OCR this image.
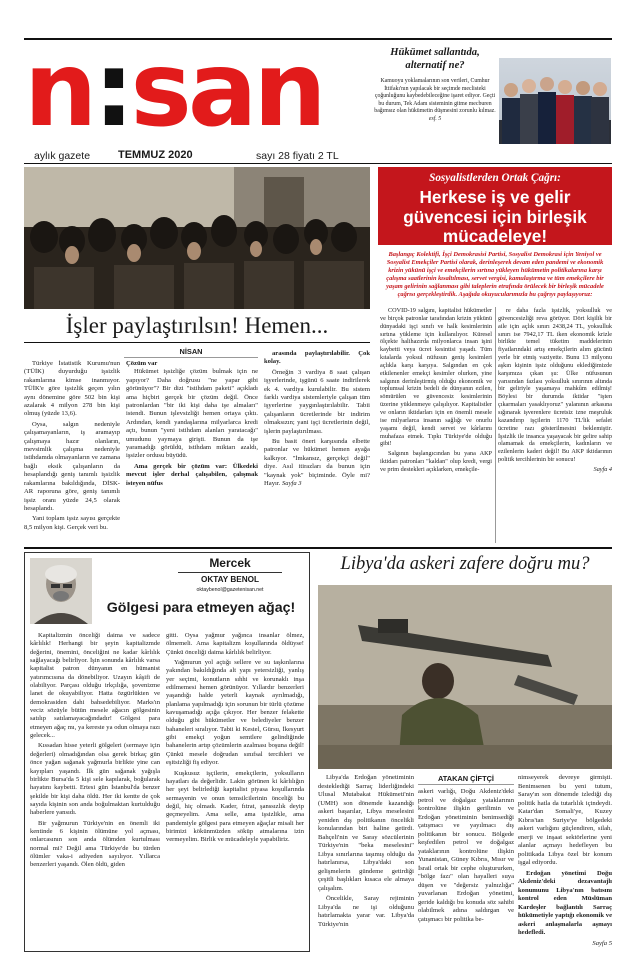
n:san
aylık gazete	TEMMUZ 2020	sayı 28 fiyatı 2 TL
Hükümet sallantıda, alternatif ne?
Kamuoyu yoklamalarının son verileri, Cumhur İttifakı'nın yapılacak bir seçimde meclisteki çoğunluğunu kaybedebileceğine işaret ediyor. Geçti bu durum, Tek Adam sisteminin gitme mecburen bağımsız olan hükümetin düşmesini zorunlu kılmaz. esf. 5
Sosyalistlerden Ortak Çağrı:
Herkese iş ve gelir güvencesi için birleşik mücadeleye!
Başlangıç Kolektifi, İşçi Demokrasisi Partisi, Sosyalist Demokrasi için Yeniyol ve Sosyalist Emekçiler Partisi olarak, derinleşerek devam eden pandemi ve ekonomik krizin yükünü işçi ve emekçilerin sırtına yükleyen hükümetin politikalarına karşı çalışma saatlerinin kısaltılması, servet vergisi, kamulaştırma ve tüm emekçilere bir yaşam gelirinin sağlanması gibi taleplerin etrafında örülecek bir birleşik mücadele çağrısı gerçekleştirdik. Aşağıda okuyucularımızla bu çağrıyı paylaşıyoruz:

COVID-19 salgını, kapitalist hükümetler ve birçok patronlar tarafından krizin yükünü dünyadaki işçi sınıfı ve halk kesimlerinin sırtına yükleme için kullanılıyor. Küresel ölçekte halihazırda milyonlarca insan işini kaybetti veya ücret kesintisi yaşadı. Tüm kıtalarda yoksul nüfusun geniş kesimleri açlıkla karşı karşıya. Salgından en çok etkilenenler emekçi kesimler olurken, yine salgının derinleştirmiş olduğu ekonomik ve toplumsal krizin bedeli de dünyanın ezilen, sömürülen ve güvencesiz kesimlerinin üzerine yüklenmeye çalışılıyor. Kapitalistler ve onların iktidarları için en önemli mesele ise milyarlarca insanın sağlığı ve onurlu yaşamı değil, kendi servet ve kârlarını muhafaza etmek. Tıpkı Türkiye'de olduğu gibi!

Salgının başlangıcından bu yana AKP iktidarı patronları "kaldan" olup kredi, vergi ve prim destekleri açıklarken, emekçile-

re daha fazla işsizlik, yoksulluk ve güvencesizliği reva görüyor. Dört kişilik bir aile için açlık sınırı 2438,24 TL, yoksulluk sınırı ise 7942,17 TL iken ekonomik krizle birlikte temel tüketim maddelerinin fiyatlarındaki artış emekçilerin alım gücünü yerle bir etmiş vaziyette. Bunu 13 milyonu aşkın kişinin işsiz olduğunu eklediğimizde karşımıza çıkan şu: Ülke nüfusunun yarısından fazlası yoksulluk sınırının altında bir geliriyle yaşamaya mahkûm edilmiş! Böylesi bir durumda iktidar "işten çıkarmaları yasaklıyoruz" yalanının arkasına sığınarak işverenlere ücretsiz izne meşruluk kazandırıp işçilerin 1170 TL'lik sefalet ücretine razı gösterilmesini beklemiştir. İşsizlik ile insanca yaşayacak bir gelire sahip olamamak da emekçilerin, kadınların ve ezilenlerin kaderi değil! Bu AKP iktidarının politik tercihlerinin bir sonucu!

Sayfa 4
İşler paylaştırılsın! Hemen...
NİSAN

Türkiye İstatistik Kurumu'nun (TÜİK) duyurduğu işsizlik rakamlarına kimse inanmıyor. TÜİK'e göre işsizlik geçen yılın aynı dönemine göre 502 bin kişi azalarak 4 milyon 278 bin kişi olmuş (yüzde 13,6).

Oysa, salgın nedeniyle çalışamayanların, iş aramayıp çalışmaya hazır olanların, mevsimlik çalışma nedeniyle istihdamda olmayanların ve zamana bağlı eksik çalışanların da hesaplandığı geniş tanımlı işsizlik rakamlarına bakıldığında, DİSK-AR raporuna göre, geniş tanımlı işsiz oranı yüzde 24,5 olarak hesaplandı.

Yani toplam işsiz sayısı gerçekte 8,5 milyon kişi. Gerçek veri bu.

Çözüm var

Hükümet işsizliğe çözüm bulmak için ne yapıyor? Daha doğrusu "ne yapar gibi görünüyor"? Bir dizi "istihdam paketi" açıkladı ama hiçbiri gerçek bir çözüm değil. Önce patronlardan "bir iki kişi daha işe almaları" istendi. Bunun işlevsizliği hemen ortaya çıktı. Ardından, kendi yandaşlarına milyarlarca kredi açtı, bunun "yeni istihdam alanları yaratacağı" umudunu yaymaya girişti. Bunun da işe yaramadığı görüldü, istihdam miktarı azaldı, işsizler ordusu büyüdü.

Ama gerçek bir çözüm var: Ülkedeki mevcut işler derhal çalışabilen, çalışmak isteyen nüfus

arasında paylaştırılabilir. Çok kolay.

Örneğin 3 vardiya 8 saat çalışan işyerlerinde, işgünü 6 saate indirilerek ek 4. vardiya kurulabilir. Bu sistem farklı vardiya sistemleriyle çalışan tüm işyerlerine yaygınlaştırılabilir. Tabii çalışanların ücretlerinde bir indirim olmaksızın; yani işçi ücretlerinin değil, işlerin paylaştırılması.

Bu basit öneri karşısında elbette patronlar ve hükümet hemen ayağa kalkıyor. "İmkansız, gerçekçi değil" diye. Asıl itirazları da bunun için "kaynak yok" biçiminde. Öyle mi? Hayır. Sayfa 3

Mercek
OKTAY BENOL
oktaybenol@gazetenisan.net
Gölgesi para etmeyen ağaç!

Kapitalizmin önceliği daima ve sadece kârlılık! Herhangi bir şeyin kapitalizmde değerini, önemini, önceliğini ne kadar kârlılık sağlayacağı belirliyor. İşin sonunda kârlılık varsa kapitalist patron dünyanın en hümanist yatırımcısına da dönebiliyor. Uzayın kâşifi de olabiliyor. Parçası olduğu irkçılığa, şovenizme lanet de okuyabiliyor. Hatta özgürlükten ve demokrasiden dahi bahsedebiliyor. Marks'ın veciz sözüyle bütün mesele ağacın gölgesinin satılıp satılamayacağındadır! Gölgesi para etmeyen ağaç mı, ya kereste ya odun olmaya razı gelecek...

Kıssadan hisse yeterli gölgeleri (sermaye için değerleri) olmadığından olsa gerek birkaç gün önce yağan sağanak yağmurla birlikte yine can kayıpları yaşandı. İlk gün sağanak yağışla birlikte Bursa'da 5 kişi sele kapılarak, boğularak hayatını kaybetti. Ertesi gün İstanbul'da benzer şekilde bir kişi daha öldü. Her iki kentte de çok sayıda kişinin son anda boğulmaktan kurtulduğu haberlere yansıdı.

Bir yağmurun Türkiye'nin en önemli iki kentinde 6 kişinin ölümüne yol açması, onlarcasının son anda ölümden kurtulması normal mi? Değil ama Türkiye'de bu türden ölümler vaka-i adiyeden sayılıyor. Yıllarca benzerleri yaşandı. Ölen öldü, giden

gitti. Oysa yağmur yağınca insanlar ölmez, ölmemeli. Ama kapitalizm koşullarında öldüyse! Çünkü önceliği daima kârlılık belirliyor.

Yağmurun yol açtığı sellere ve su taşkınlarına yakından bakıldığında alt yapı yetersizliği, yanlış yer seçimi, konutların sıhhi ve korunaklı inşa edilmemesi hemen görünüyor. Yıllardır benzerleri yaşandığı halde yeterli kaynak ayrılmadığı, planlama yapılmadığı için sorunun bir türlü çözüme kavuşamadığı açığa çıkıyor. Her benzer felakette olduğu gibi hükümetler ve belediyeler benzer bahaneleri sıralıyor. Tabii ki Kestel, Gürsu, İkesyurt gibi emekçi yoğun semtlere gelindiğinde bahanelerin artıp çözümlerin azalması boşuna değil! Çünkü mesele doğrudan sınıfsal tercihleri ve eşitsizliği fiş ediyor.

Kuşkusuz işçilerin, emekçilerin, yoksulların hayatları da değerlidir. Lakin görünen ki kârlılığın her şeyi belirlediği kapitalist piyasa koşullarında sermayenin ve onun temsilcilerinin önceliği bu değil, hiç olmadı. Kader, fıtrat, şanssızlık deyip geçmeyelim. Ama selle, ama işsizlikle, ama pandemiyle gölgesi para etmeyen ağaçlar misali her birimizi kökünmüzden söküp atmalarına izin vermeyelim. Birlik ve mücadeleyle yapabiliriz.

Libya'da askeri zafere doğru mu?

Libya'da Erdoğan yönetiminin desteklediği Sarraç liderliğindeki Ulusal Mutabakat Hükümeti'nin (UMH) son dönemde kazandığı askeri başarılar, Libya meselesini yeniden dış politikanın öncelikli konularından biri haline getirdi. Bahçeli'nin ve Saray sözcülerinin Türkiye'nin "beka meselesini" Libya sınırlarına taşımış olduğu da hatırlanırsa, Libya'daki son gelişmelerin gündeme getirdiği çeşitli başlıkları kısaca ele almaya çalışalım.

Öncelikle, Saray rejiminin Libya'da ne işi olduğunu hatırlamakta yarar var. Libya'da Türkiye'nin

ATAKAN ÇİFTÇİ

askeri varlığı, Doğu Akdeniz'deki petrol ve doğalgaz yataklarının kontrolüne ilişkin gerilimin ve Erdoğan yönetiminin benimsediği çatışmacı ve yayılmacı dış politikanın bir sonucu. Bölgede keşfedilen petrol ve doğalgaz yataklarının kontrolüne ilişkin Yunanistan, Güney Kıbrıs, Mısır ve İsrail ortak bir cephe oluştururken, "bölge fazı" olan hayalleri suya düşen ve "değersiz yalnızlığa" yuvarlanan Erdoğan yönetimi, geride kaldığı bu konuda söz sahibi olabilmek adına saldırgan ve çatışmacı bir politika be-

nimseyerek devreye girmişti. Benimsenen bu yeni tutum, Saray'ın son dönemde izlediği dış politik hatla da tutarlılık içindeydi. Katar'dan Somali'ye, Kuzey Kıbrıs'tan Suriye'ye bölgedeki askeri varlığını güçlendiren, silah, enerji ve inşaat sektörlerine yeni alanlar açmayı hedefleyen bu politikada Libya özel bir konum işgal ediyordu.

Erdoğan yönetimi Doğu Akdeniz'deki dezavantajlı konumunu Libya'nın batısını kontrol eden Müslüman Kardeşler bağlantılı Sarraç hükümetiyle yaptığı ekonomik ve askeri anlaşmalarla aşmayı hedefledi.

Sayfa 5
